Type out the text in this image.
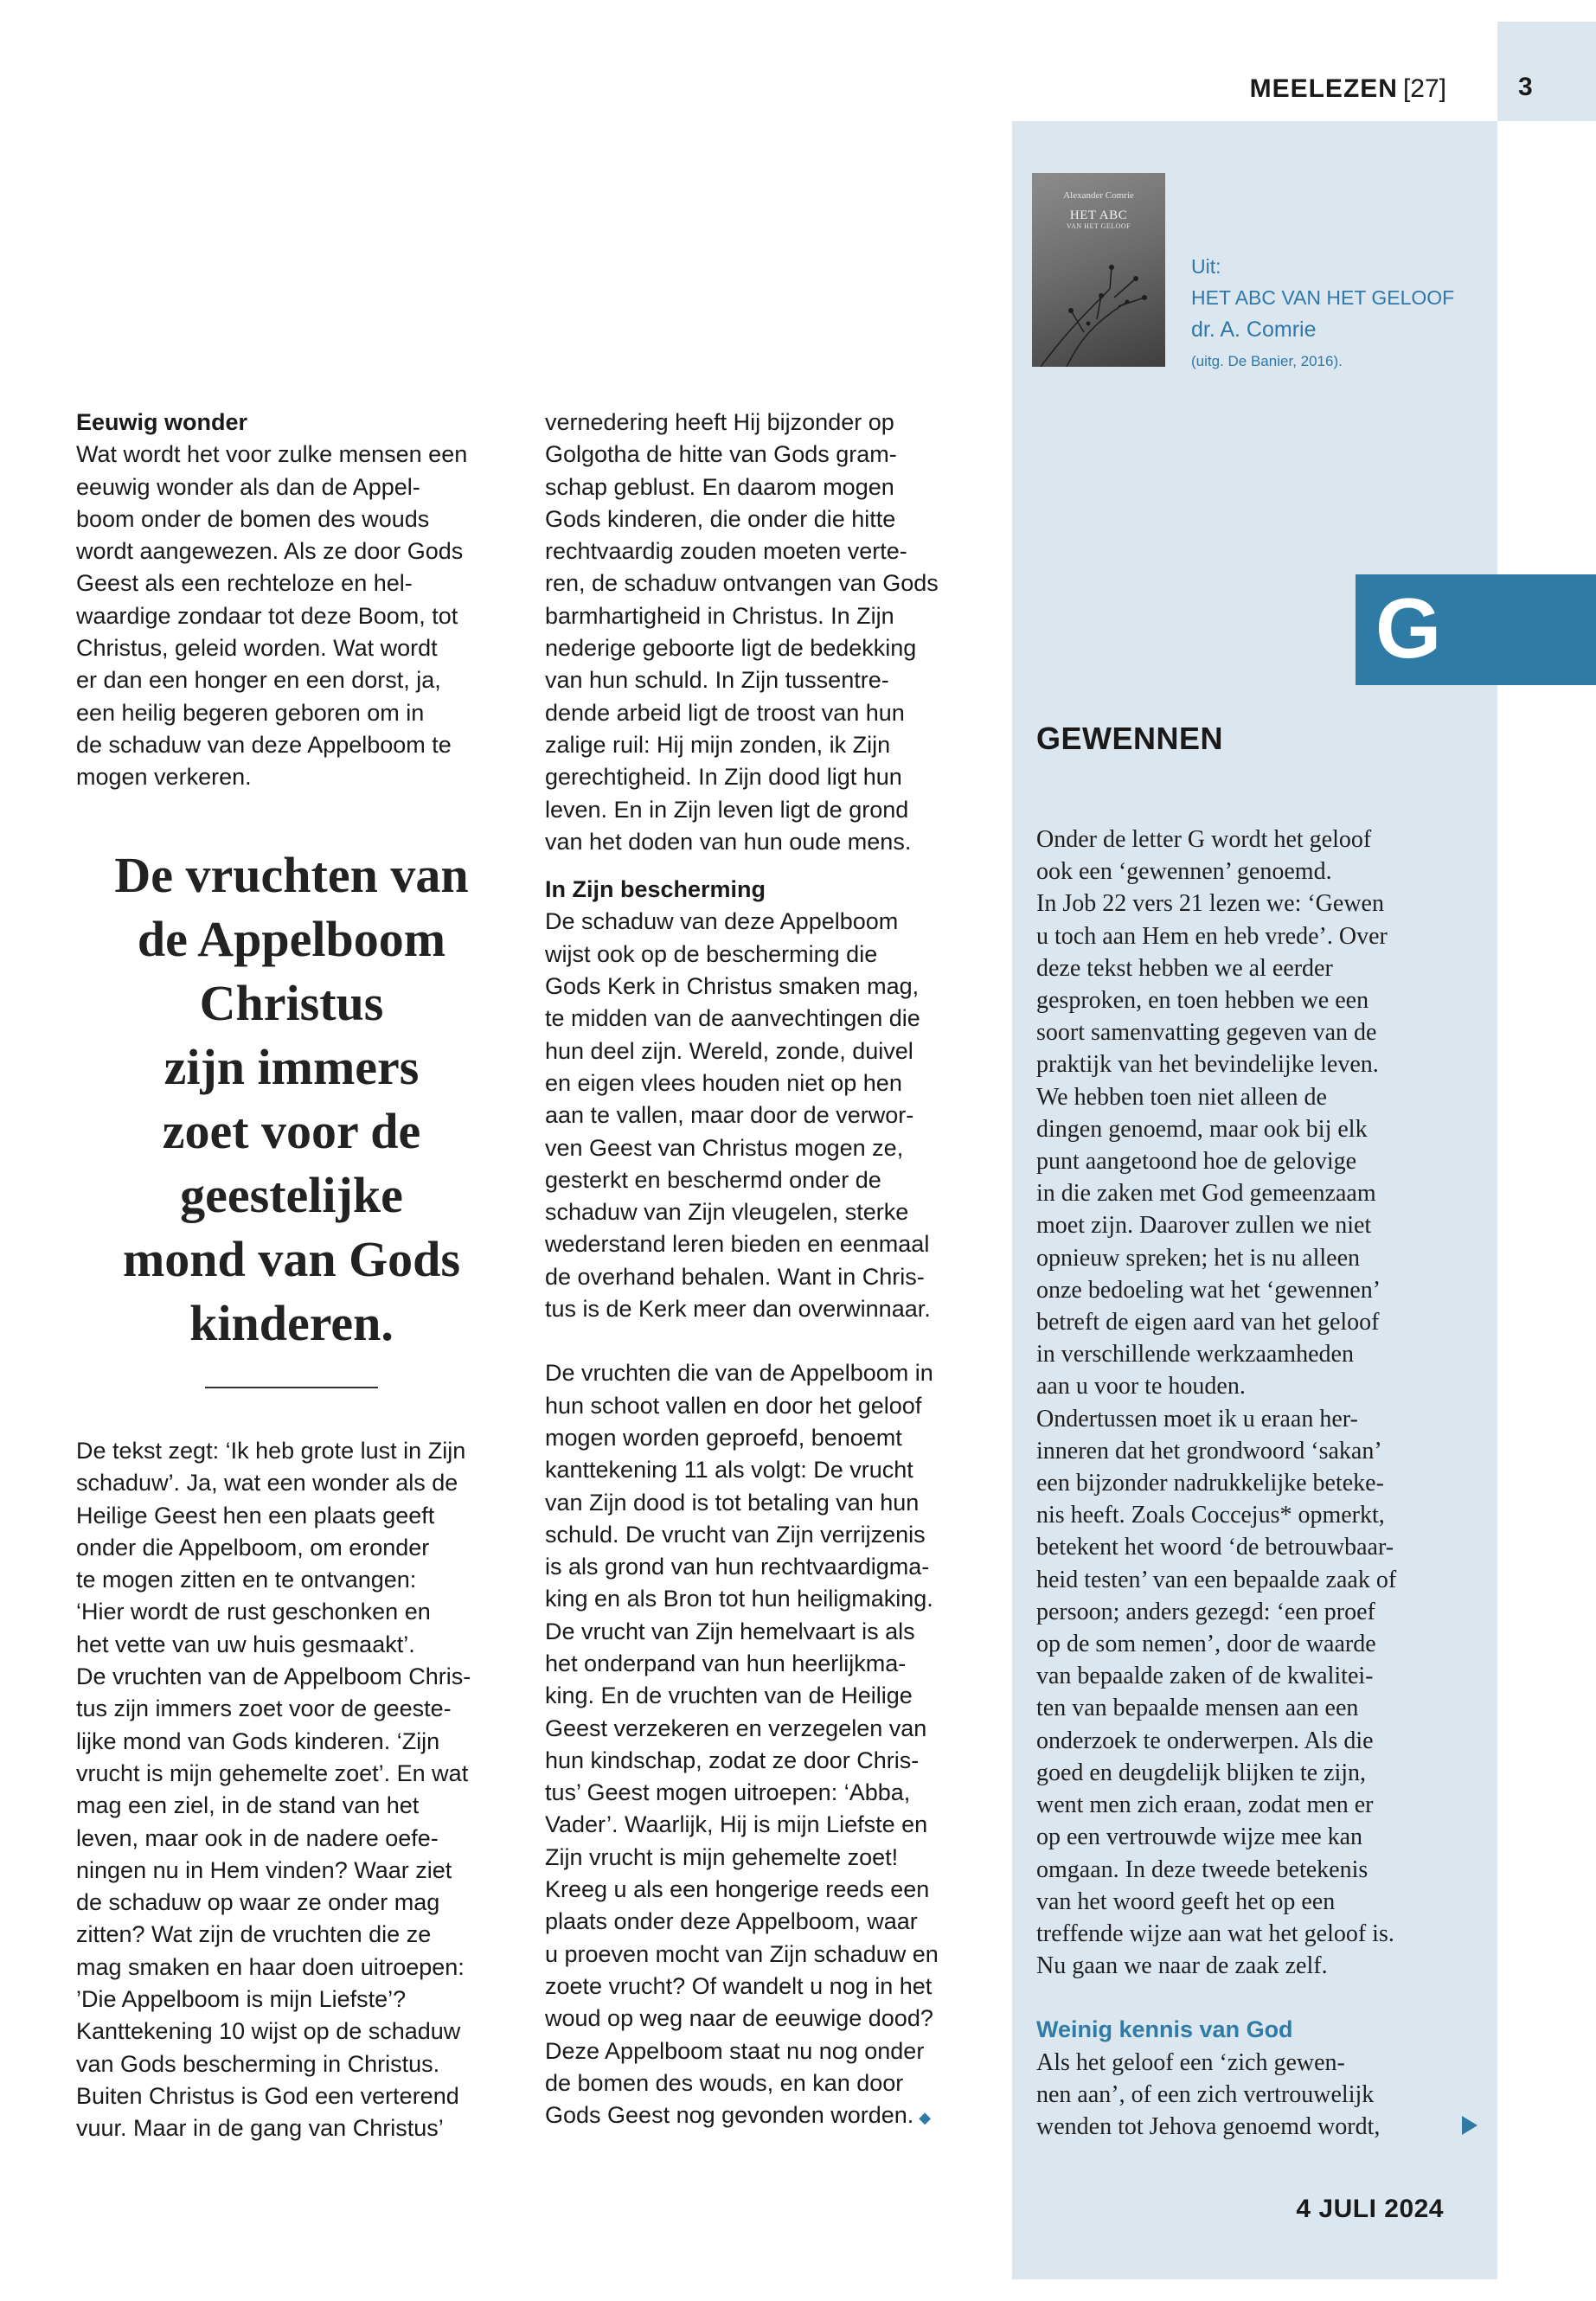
MEELEZEN [27]	3
Alexander Comrie
HET ABC
VAN HET GELOOF
Uit:
HET ABC VAN HET GELOOF
dr. A. Comrie
(uitg. De Banier, 2016).
G
GEWENNEN
Onder de letter G wordt het geloof
ook een ‘gewennen’ genoemd.
In Job 22 vers 21 lezen we: ‘Gewen
u toch aan Hem en heb vrede’. Over
deze tekst hebben we al eerder
gesproken, en toen hebben we een
soort samenvatting gegeven van de
praktijk van het bevindelijke leven.
We hebben toen niet alleen de
dingen genoemd, maar ook bij elk
punt aangetoond hoe de gelovige
in die zaken met God gemeenzaam
moet zijn. Daarover zullen we niet
opnieuw spreken; het is nu alleen
onze bedoeling wat het ‘gewennen’
betreft de eigen aard van het geloof
in verschillende werkzaamheden
aan u voor te houden.
Ondertussen moet ik u eraan her-
inneren dat het grondwoord ‘sakan’
een bijzonder nadrukkelijke beteke-
nis heeft. Zoals Coccejus* opmerkt,
betekent het woord ‘de betrouwbaar-
heid testen’ van een bepaalde zaak of
persoon; anders gezegd: ‘een proef
op de som nemen’, door de waarde
van bepaalde zaken of de kwalitei-
ten van bepaalde mensen aan een
onderzoek te onderwerpen. Als die
goed en deugdelijk blijken te zijn,
went men zich eraan, zodat men er
op een vertrouwde wijze mee kan
omgaan. In deze tweede betekenis
van het woord geeft het op een
treffende wijze aan wat het geloof is.
Nu gaan we naar de zaak zelf.
Weinig kennis van God
Als het geloof een ‘zich gewen-
nen aan’, of een zich vertrouwelijk
wenden tot Jehova genoemd wordt,
4 JULI 2024
Eeuwig wonder
Wat wordt het voor zulke mensen een
eeuwig wonder als dan de Appel-
boom onder de bomen des wouds
wordt aangewezen. Als ze door Gods
Geest als een rechteloze en hel-
waardige zondaar tot deze Boom, tot
Christus, geleid worden. Wat wordt
er dan een honger en een dorst, ja,
een heilig begeren geboren om in
de schaduw van deze Appelboom te
mogen verkeren.
De vruchten van
de Appelboom
Christus
zijn immers
zoet voor de
geestelijke
mond van Gods
kinderen.
De tekst zegt: ‘Ik heb grote lust in Zijn
schaduw’. Ja, wat een wonder als de
Heilige Geest hen een plaats geeft
onder die Appelboom, om eronder
te mogen zitten en te ontvangen:
‘Hier wordt de rust geschonken en
het vette van uw huis gesmaakt’.
De vruchten van de Appelboom Chris-
tus zijn immers zoet voor de geeste-
lijke mond van Gods kinderen. ‘Zijn
vrucht is mijn gehemelte zoet’. En wat
mag een ziel, in de stand van het
leven, maar ook in de nadere oefe-
ningen nu in Hem vinden? Waar ziet
de schaduw op waar ze onder mag
zitten? Wat zijn de vruchten die ze
mag smaken en haar doen uitroepen:
’Die Appelboom is mijn Liefste’?
Kanttekening 10 wijst op de schaduw
van Gods bescherming in Christus.
Buiten Christus is God een verterend
vuur. Maar in de gang van Christus’
vernedering heeft Hij bijzonder op
Golgotha de hitte van Gods gram-
schap geblust. En daarom mogen
Gods kinderen, die onder die hitte
rechtvaardig zouden moeten verte-
ren, de schaduw ontvangen van Gods
barmhartigheid in Christus. In Zijn
nederige geboorte ligt de bedekking
van hun schuld. In Zijn tussentre-
dende arbeid ligt de troost van hun
zalige ruil: Hij mijn zonden, ik Zijn
gerechtigheid. In Zijn dood ligt hun
leven. En in Zijn leven ligt de grond
van het doden van hun oude mens.
In Zijn bescherming
De schaduw van deze Appelboom
wijst ook op de bescherming die
Gods Kerk in Christus smaken mag,
te midden van de aanvechtingen die
hun deel zijn. Wereld, zonde, duivel
en eigen vlees houden niet op hen
aan te vallen, maar door de verwor-
ven Geest van Christus mogen ze,
gesterkt en beschermd onder de
schaduw van Zijn vleugelen, sterke
wederstand leren bieden en eenmaal
de overhand behalen. Want in Chris-
tus is de Kerk meer dan overwinnaar.
De vruchten die van de Appelboom in
hun schoot vallen en door het geloof
mogen worden geproefd, benoemt
kanttekening 11 als volgt: De vrucht
van Zijn dood is tot betaling van hun
schuld. De vrucht van Zijn verrijzenis
is als grond van hun rechtvaardigma-
king en als Bron tot hun heiligmaking.
De vrucht van Zijn hemelvaart is als
het onderpand van hun heerlijkma-
king. En de vruchten van de Heilige
Geest verzekeren en verzegelen van
hun kindschap, zodat ze door Chris-
tus’ Geest mogen uitroepen: ‘Abba,
Vader’. Waarlijk, Hij is mijn Liefste en
Zijn vrucht is mijn gehemelte zoet!
Kreeg u als een hongerige reeds een
plaats onder deze Appelboom, waar
u proeven mocht van Zijn schaduw en
zoete vrucht? Of wandelt u nog in het
woud op weg naar de eeuwige dood?
Deze Appelboom staat nu nog onder
de bomen des wouds, en kan door
Gods Geest nog gevonden worden. ◆
